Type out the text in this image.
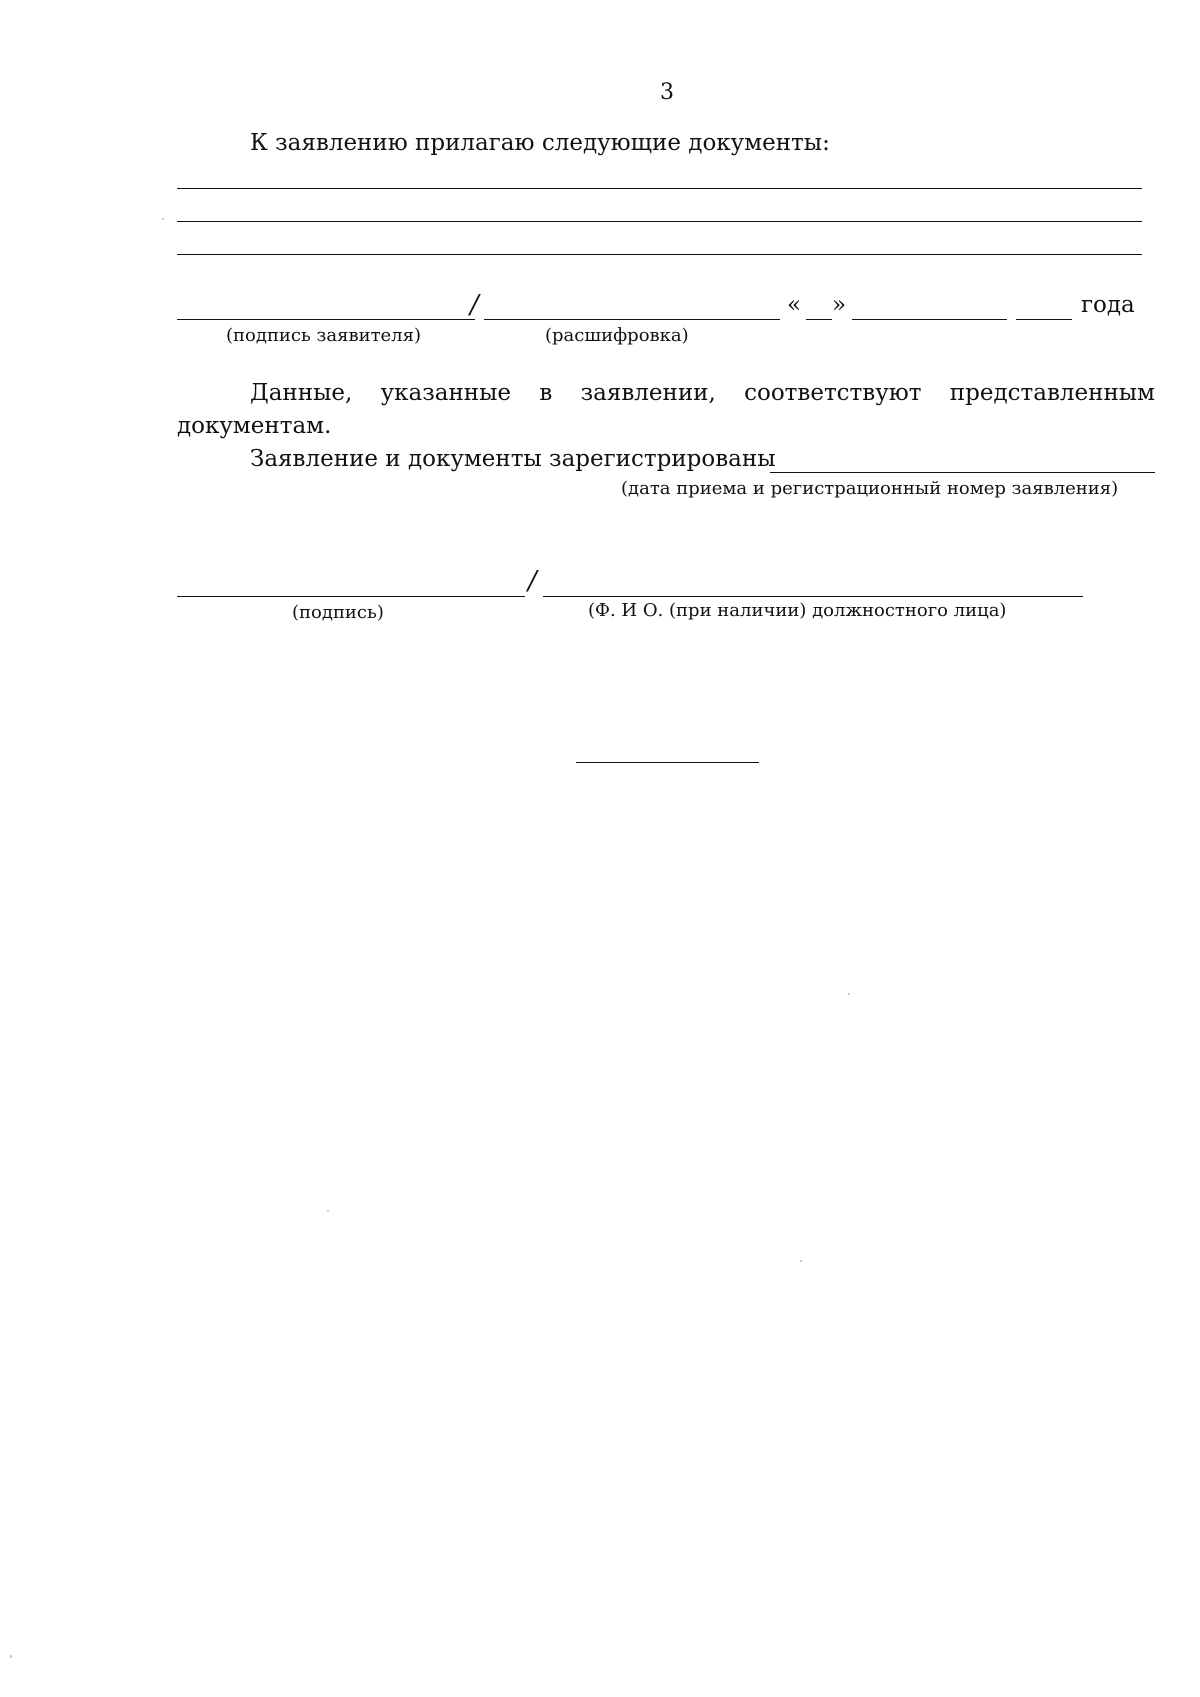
3
К заявлению прилагаю следующие документы:
/	« »	года
(подпись заявителя)	(расшифровка)
Данные, указанные в заявлении, соответствуют представленным
документам.
Заявление и документы зарегистрированы
(дата приема и регистрационный номер заявления)
/
(подпись)	(Ф. И О. (при наличии) должностного лица)
